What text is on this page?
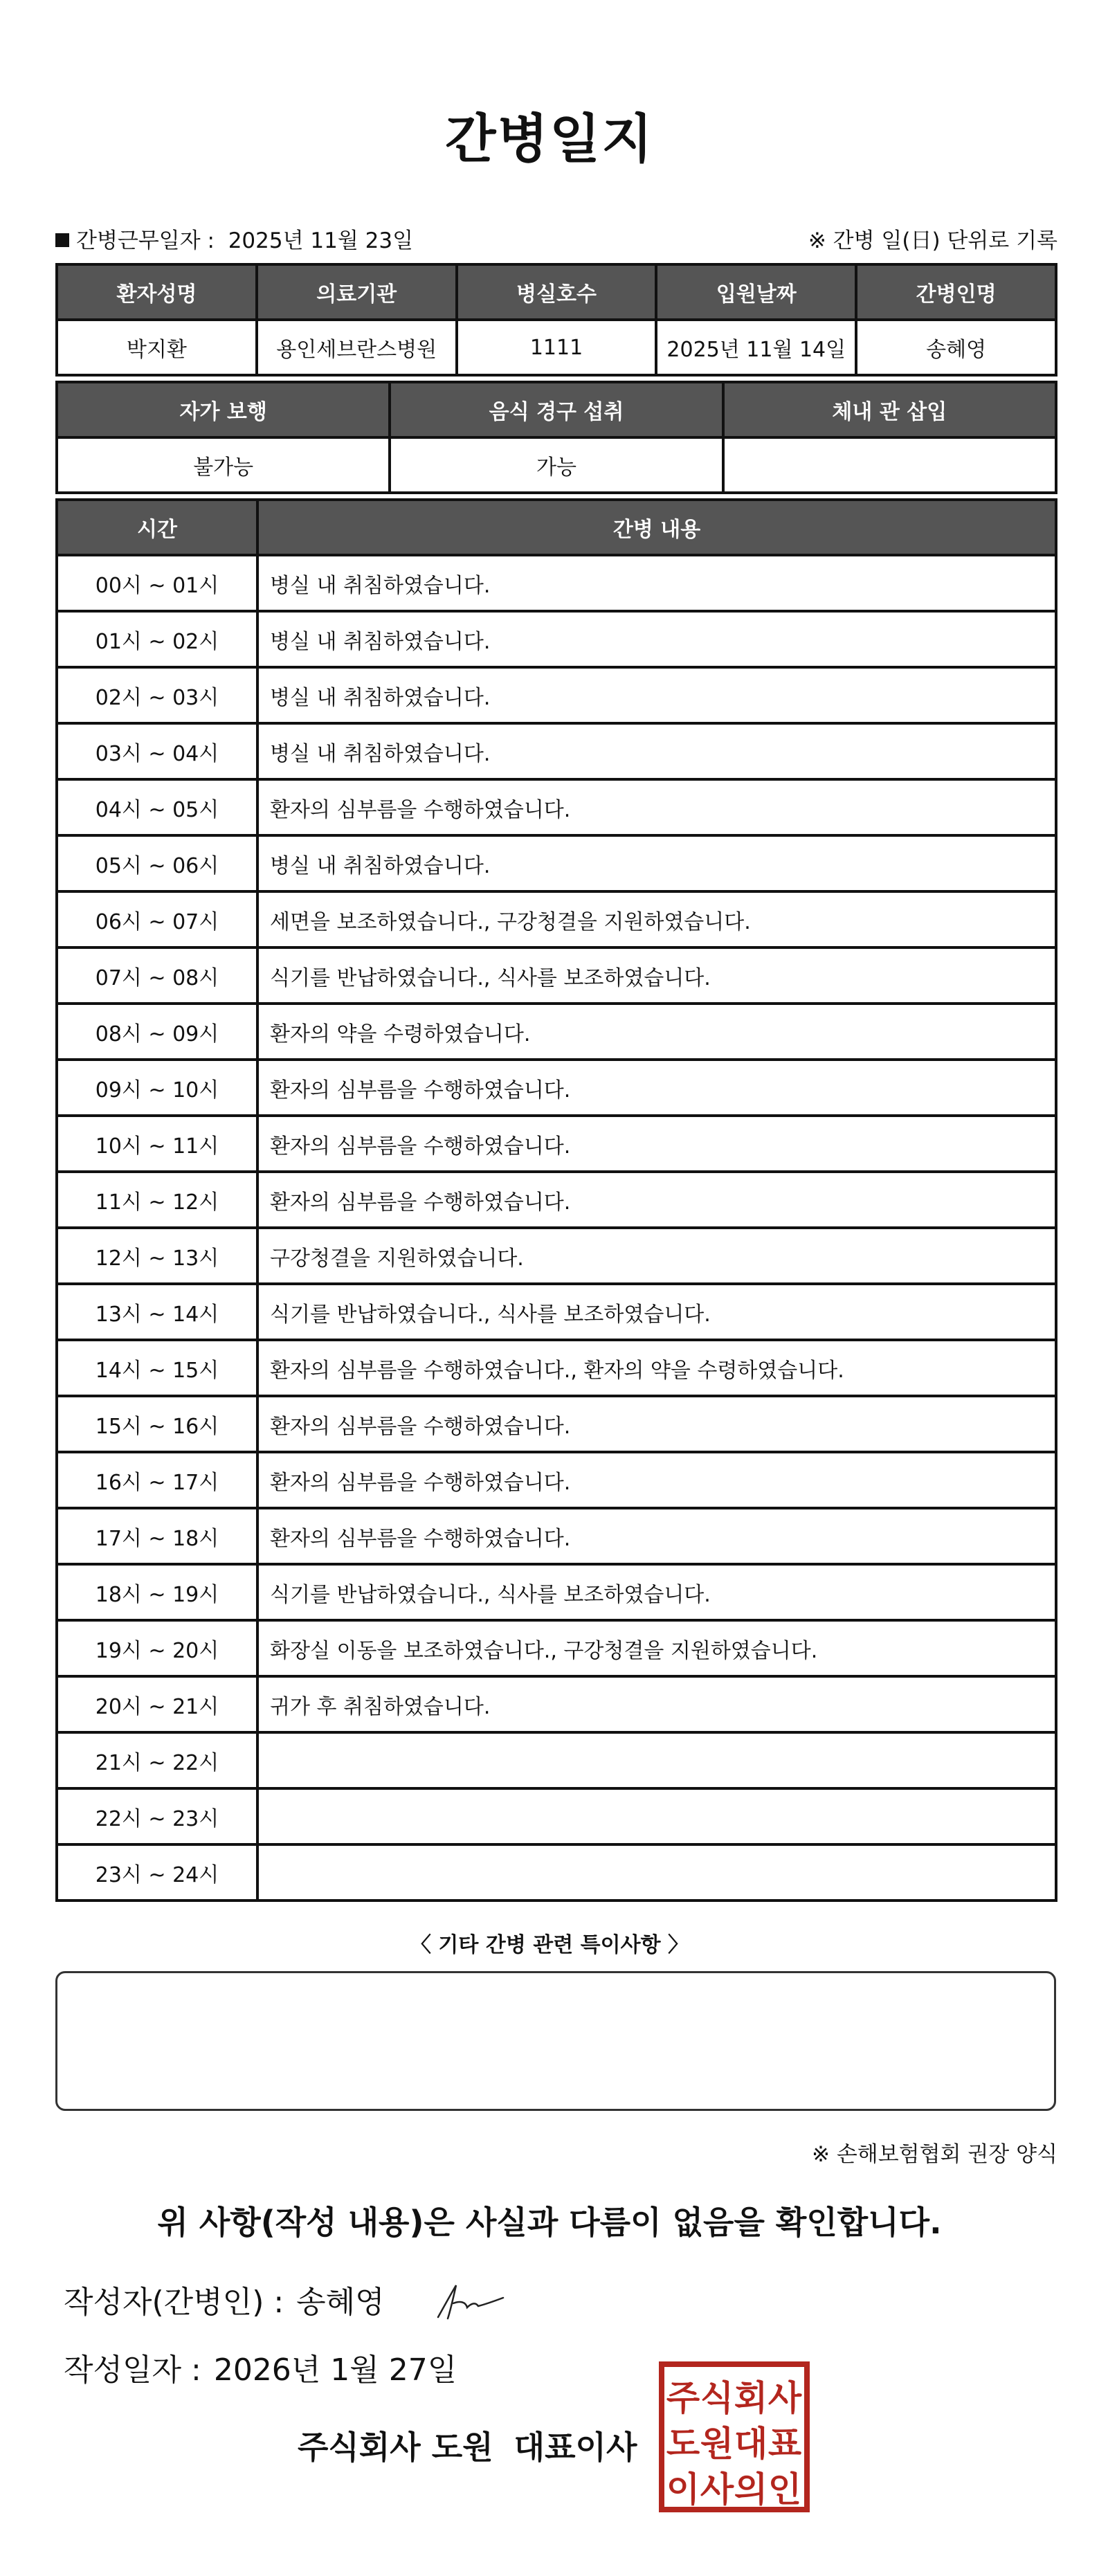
간병일지
간병근무일자 : 2025년 11월 23일	※ 간병 일(日) 단위로 기록
환자성명	의료기관	병실호수	입원날짜	간병인명
박지환	용인세브란스병원	1111	2025년 11월 14일	송혜영
자가 보행	음식 경구 섭취	체내 관 삽입
불가능	가능	
시간	간병 내용
00시 ~ 01시	병실 내 취침하였습니다.
01시 ~ 02시	병실 내 취침하였습니다.
02시 ~ 03시	병실 내 취침하였습니다.
03시 ~ 04시	병실 내 취침하였습니다.
04시 ~ 05시	환자의 심부름을 수행하였습니다.
05시 ~ 06시	병실 내 취침하였습니다.
06시 ~ 07시	세면을 보조하였습니다., 구강청결을 지원하였습니다.
07시 ~ 08시	식기를 반납하였습니다., 식사를 보조하였습니다.
08시 ~ 09시	환자의 약을 수령하였습니다.
09시 ~ 10시	환자의 심부름을 수행하였습니다.
10시 ~ 11시	환자의 심부름을 수행하였습니다.
11시 ~ 12시	환자의 심부름을 수행하였습니다.
12시 ~ 13시	구강청결을 지원하였습니다.
13시 ~ 14시	식기를 반납하였습니다., 식사를 보조하였습니다.
14시 ~ 15시	환자의 심부름을 수행하였습니다., 환자의 약을 수령하였습니다.
15시 ~ 16시	환자의 심부름을 수행하였습니다.
16시 ~ 17시	환자의 심부름을 수행하였습니다.
17시 ~ 18시	환자의 심부름을 수행하였습니다.
18시 ~ 19시	식기를 반납하였습니다., 식사를 보조하였습니다.
19시 ~ 20시	화장실 이동을 보조하였습니다., 구강청결을 지원하였습니다.
20시 ~ 21시	귀가 후 취침하였습니다.
21시 ~ 22시	
22시 ~ 23시	
23시 ~ 24시	
〈 기타 간병 관련 특이사항 〉
※ 손해보험협회 권장 양식
위 사항(작성 내용)은 사실과 다름이 없음을 확인합니다.
작성자(간병인) : 송혜영
작성일자 : 2026년 1월 27일
주식회사 도원 대표이사
주 식 회 사
도 원 대 표
이 사 의 인
